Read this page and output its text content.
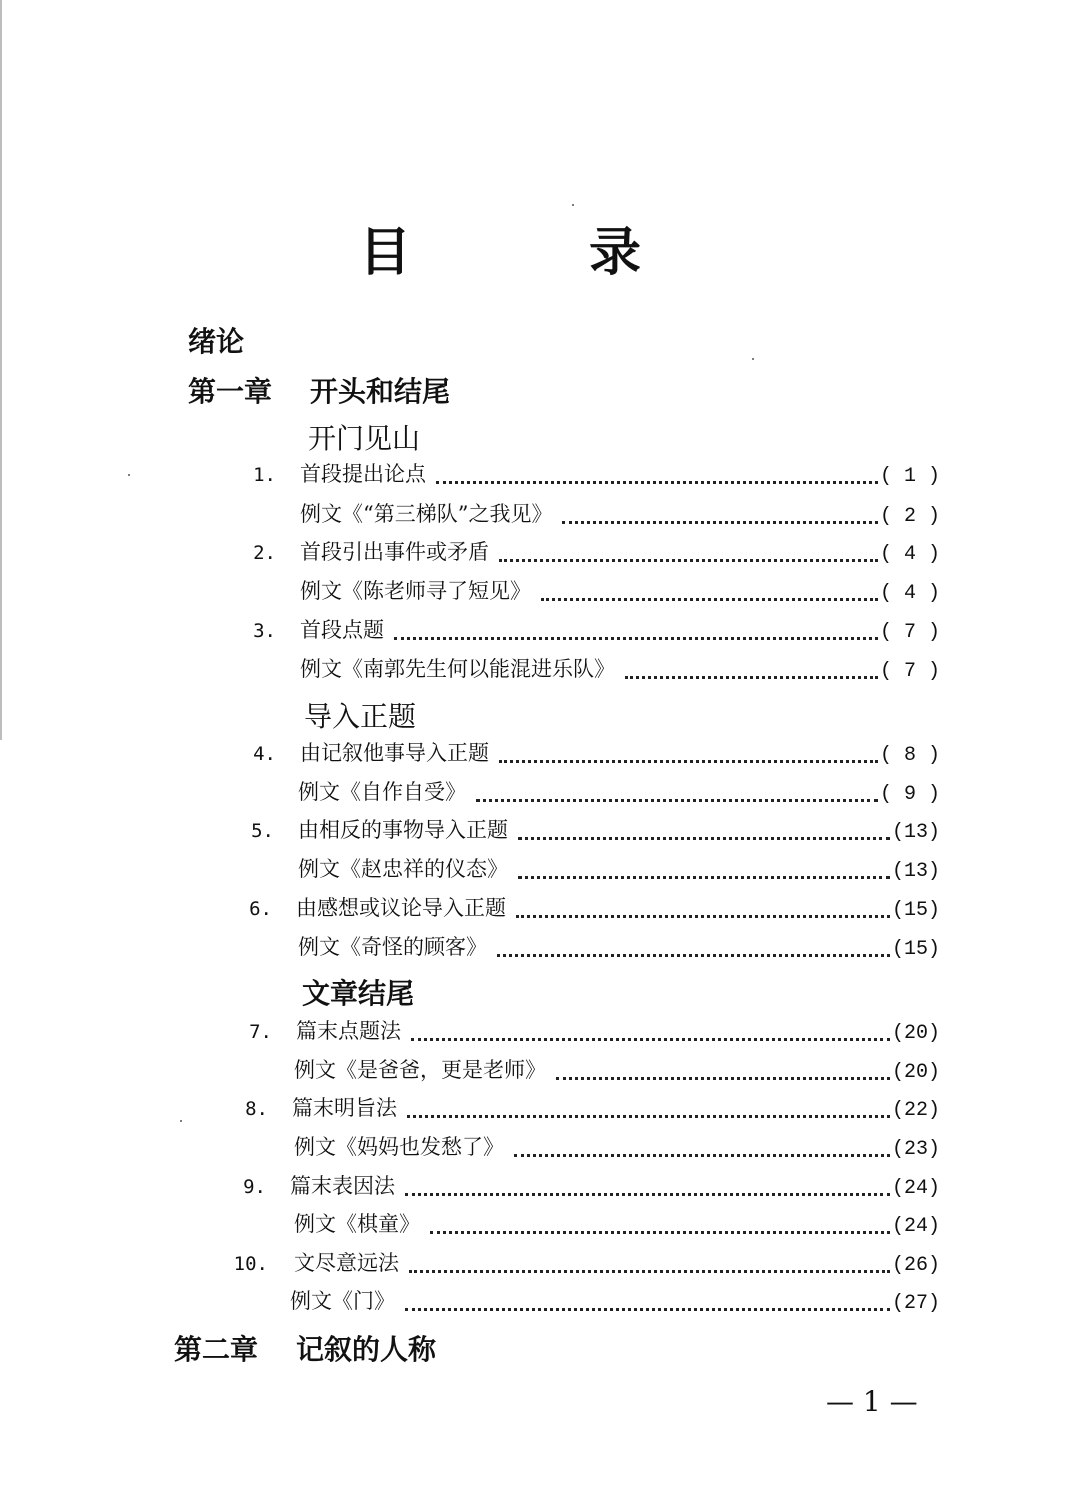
目 录
绪论
第一章 开头和结尾
开门见山
1. 首段提出论点	( 1 )
例文《“第三梯队”之我见》	( 2 )
2. 首段引出事件或矛盾	( 4 )
例文《陈老师寻了短见》	( 4 )
3. 首段点题	( 7 )
例文《南郭先生何以能混进乐队》	( 7 )
导入正题
4. 由记叙他事导入正题	( 8 )
例文《自作自受》	( 9 )
5. 由相反的事物导入正题	(13)
例文《赵忠祥的仪态》	(13)
6. 由感想或议论导入正题	(15)
例文《奇怪的顾客》	(15)
文章结尾
7. 篇末点题法	(20)
例文《是爸爸，更是老师》	(20)
8. 篇末明旨法	(22)
例文《妈妈也发愁了》	(23)
9. 篇末表因法	(24)
例文《棋童》	(24)
10. 文尽意远法	(26)
例文《门》	(27)
第二章 记叙的人称
— 1 —
